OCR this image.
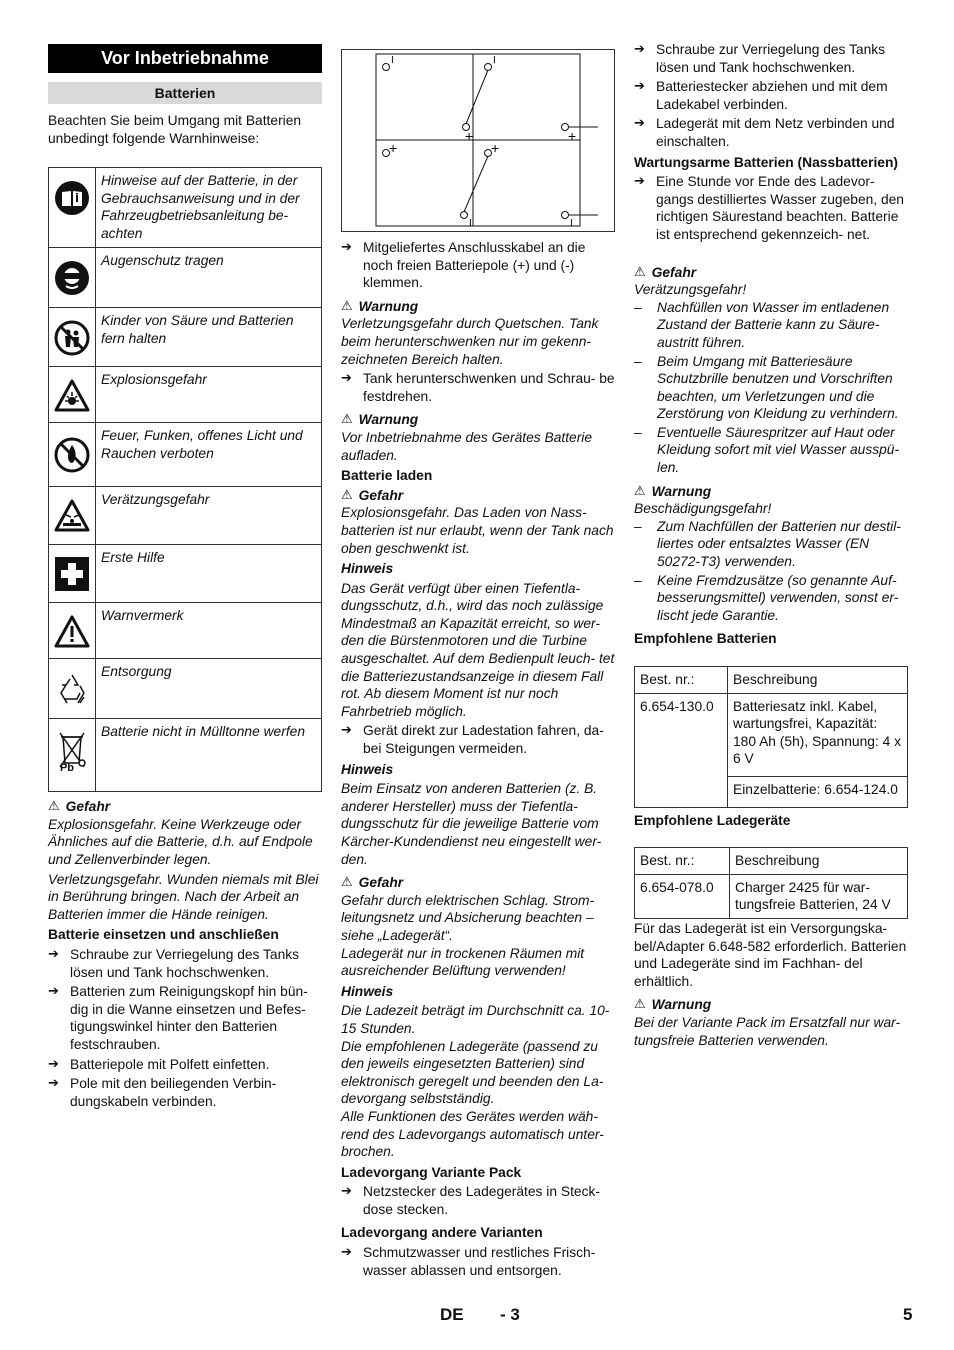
Vor Inbetriebnahme
Batterien

Beachten Sie beim Umgang mit Batterien unbedingt folgende Warnhinweise:

	Hinweise auf der Batterie, in der Gebrauchsanweisung und in der Fahrzeugbetriebsanleitung be- achten

	Augenschutz tragen

	Kinder von Säure und Batterien fern halten

	Explosionsgefahr

	Feuer, Funken, offenes Licht und Rauchen verboten

	Verätzungsgefahr

	Erste Hilfe

	Warnvermerk

	Entsorgung

Pb	Batterie nicht in Mülltonne werfen
⚠ Gefahr

Explosionsgefahr. Keine Werkzeuge oder Ähnliches auf die Batterie, d.h. auf Endpole und Zellenverbinder legen.

Verletzungsgefahr. Wunden niemals mit Blei in Berührung bringen. Nach der Arbeit an Batterien immer die Hände reinigen.

Batterie einsetzen und anschließen

➔ Schraube zur Verriegelung des Tanks lösen und Tank hochschwenken.
➔ Batterien zum Reinigungskopf hin bün- dig in die Wanne einsetzen und Befes- tigungswinkel hinter den Batterien festschrauben.
➔ Batteriepole mit Polfett einfetten.
➔ Pole mit den beiliegenden Verbin- dungskabeln verbinden.
I	I
+	+
+	+
I	I
➔ Mitgeliefertes Anschlusskabel an die noch freien Batteriepole (+) und (-) klemmen.
⚠ Warnung

Verletzungsgefahr durch Quetschen. Tank beim herunterschwenken nur im gekenn- zeichneten Bereich halten.

➔ Tank herunterschwenken und Schrau- be festdrehen.
⚠ Warnung

Vor Inbetriebnahme des Gerätes Batterie aufladen.

Batterie laden

⚠ Gefahr

Explosionsgefahr. Das Laden von Nass- batterien ist nur erlaubt, wenn der Tank nach oben geschwenkt ist.

Hinweis

Das Gerät verfügt über einen Tiefentla- dungsschutz, d.h., wird das noch zulässige Mindestmaß an Kapazität erreicht, so wer- den die Bürstenmotoren und die Turbine ausgeschaltet. Auf dem Bedienpult leuch- tet die Batteriezustandsanzeige in diesem Fall rot. Ab diesem Moment ist nur noch Fahrbetrieb möglich.

➔ Gerät direkt zur Ladestation fahren, da- bei Steigungen vermeiden.

Hinweis

Beim Einsatz von anderen Batterien (z. B. anderer Hersteller) muss der Tiefentla- dungsschutz für die jeweilige Batterie vom Kärcher-Kundendienst neu eingestellt wer- den.

⚠ Gefahr

Gefahr durch elektrischen Schlag. Strom- leitungsnetz und Absicherung beachten – siehe „Ladegerät“.

Ladegerät nur in trockenen Räumen mit ausreichender Belüftung verwenden!

Hinweis

Die Ladezeit beträgt im Durchschnitt ca. 10-15 Stunden.

Die empfohlenen Ladegeräte (passend zu den jeweils eingesetzten Batterien) sind elektronisch geregelt und beenden den La- devorgang selbstständig.

Alle Funktionen des Gerätes werden wäh- rend des Ladevorgangs automatisch unter- brochen.

Ladevorgang Variante Pack

➔ Netzstecker des Ladegerätes in Steck- dose stecken.

Ladevorgang andere Varianten

➔ Schmutzwasser und restliches Frisch- wasser ablassen und entsorgen.
➔ Schraube zur Verriegelung des Tanks lösen und Tank hochschwenken.
➔ Batteriestecker abziehen und mit dem Ladekabel verbinden.
➔ Ladegerät mit dem Netz verbinden und einschalten.

Wartungsarme Batterien (Nassbatterien)

➔ Eine Stunde vor Ende des Ladevor- gangs destilliertes Wasser zugeben, den richtigen Säurestand beachten. Batterie ist entsprechend gekennzeich- net.
⚠ Gefahr

Verätzungsgefahr!

–	Nachfüllen von Wasser im entladenen Zustand der Batterie kann zu Säure- austritt führen.
–	Beim Umgang mit Batteriesäure Schutzbrille benutzen und Vorschriften beachten, um Verletzungen und die Zerstörung von Kleidung zu verhindern.
–	Eventuelle Säurespritzer auf Haut oder Kleidung sofort mit viel Wasser ausspü- len.
⚠ Warnung

Beschädigungsgefahr!

–	Zum Nachfüllen der Batterien nur destil- liertes oder entsalztes Wasser (EN 50272-T3) verwenden.
–	Keine Fremdzusätze (so genannte Auf- besserungsmittel) verwenden, sonst er- lischt jede Garantie.

Empfohlene Batterien

Best. nr.:	Beschreibung
6.654-130.0	Batteriesatz inkl. Kabel, wartungsfrei, Kapazität: 180 Ah (5h), Spannung: 4 x 6 V
	Einzelbatterie: 6.654-124.0

Empfohlene Ladegeräte

Best. nr.:	Beschreibung
6.654-078.0	Charger 2425 für war- tungsfreie Batterien, 24 V

Für das Ladegerät ist ein Versorgungska- bel/Adapter 6.648-582 erforderlich. Batterien und Ladegeräte sind im Fachhan- del erhältlich.

⚠ Warnung

Bei der Variante Pack im Ersatzfall nur war- tungsfreie Batterien verwenden.

DE - 3	5
